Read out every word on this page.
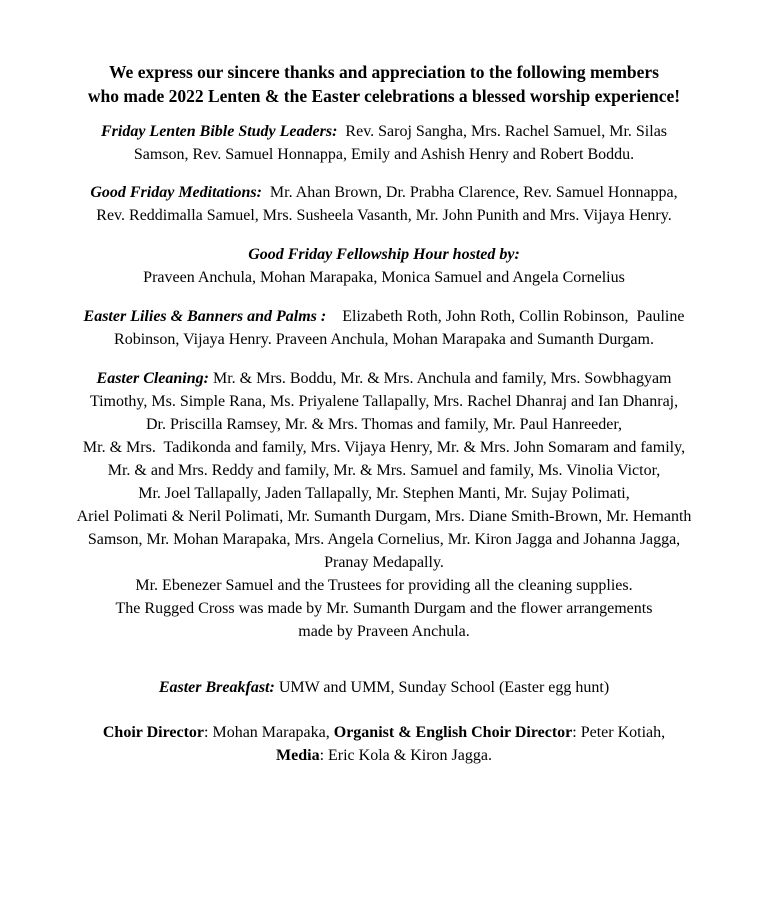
We express our sincere thanks and appreciation to the following members
who made 2022 Lenten & the Easter celebrations a blessed worship experience!
Friday Lenten Bible Study Leaders:  Rev. Saroj Sangha, Mrs. Rachel Samuel, Mr. Silas
Samson, Rev. Samuel Honnappa, Emily and Ashish Henry and Robert Boddu.
Good Friday Meditations:  Mr. Ahan Brown, Dr. Prabha Clarence, Rev. Samuel Honnappa,
Rev. Reddimalla Samuel, Mrs. Susheela Vasanth, Mr. John Punith and Mrs. Vijaya Henry.
Good Friday Fellowship Hour hosted by:
Praveen Anchula, Mohan Marapaka, Monica Samuel and Angela Cornelius
Easter Lilies & Banners and Palms :    Elizabeth Roth, John Roth, Collin Robinson,  Pauline
Robinson, Vijaya Henry. Praveen Anchula, Mohan Marapaka and Sumanth Durgam.
Easter Cleaning: Mr. & Mrs. Boddu, Mr. & Mrs. Anchula and family, Mrs. Sowbhagyam
Timothy, Ms. Simple Rana, Ms. Priyalene Tallapally, Mrs. Rachel Dhanraj and Ian Dhanraj,
Dr. Priscilla Ramsey, Mr. & Mrs. Thomas and family, Mr. Paul Hanreeder,
Mr. & Mrs.  Tadikonda and family, Mrs. Vijaya Henry, Mr. & Mrs. John Somaram and family,
Mr. & and Mrs. Reddy and family, Mr. & Mrs. Samuel and family, Ms. Vinolia Victor,
Mr. Joel Tallapally, Jaden Tallapally, Mr. Stephen Manti, Mr. Sujay Polimati,
Ariel Polimati & Neril Polimati, Mr. Sumanth Durgam, Mrs. Diane Smith-Brown, Mr. Hemanth
Samson, Mr. Mohan Marapaka, Mrs. Angela Cornelius, Mr. Kiron Jagga and Johanna Jagga,
Pranay Medapally.
Mr. Ebenezer Samuel and the Trustees for providing all the cleaning supplies.
The Rugged Cross was made by Mr. Sumanth Durgam and the flower arrangements
made by Praveen Anchula.
Easter Breakfast: UMW and UMM, Sunday School (Easter egg hunt)
Choir Director: Mohan Marapaka, Organist & English Choir Director: Peter Kotiah,
Media: Eric Kola & Kiron Jagga.
